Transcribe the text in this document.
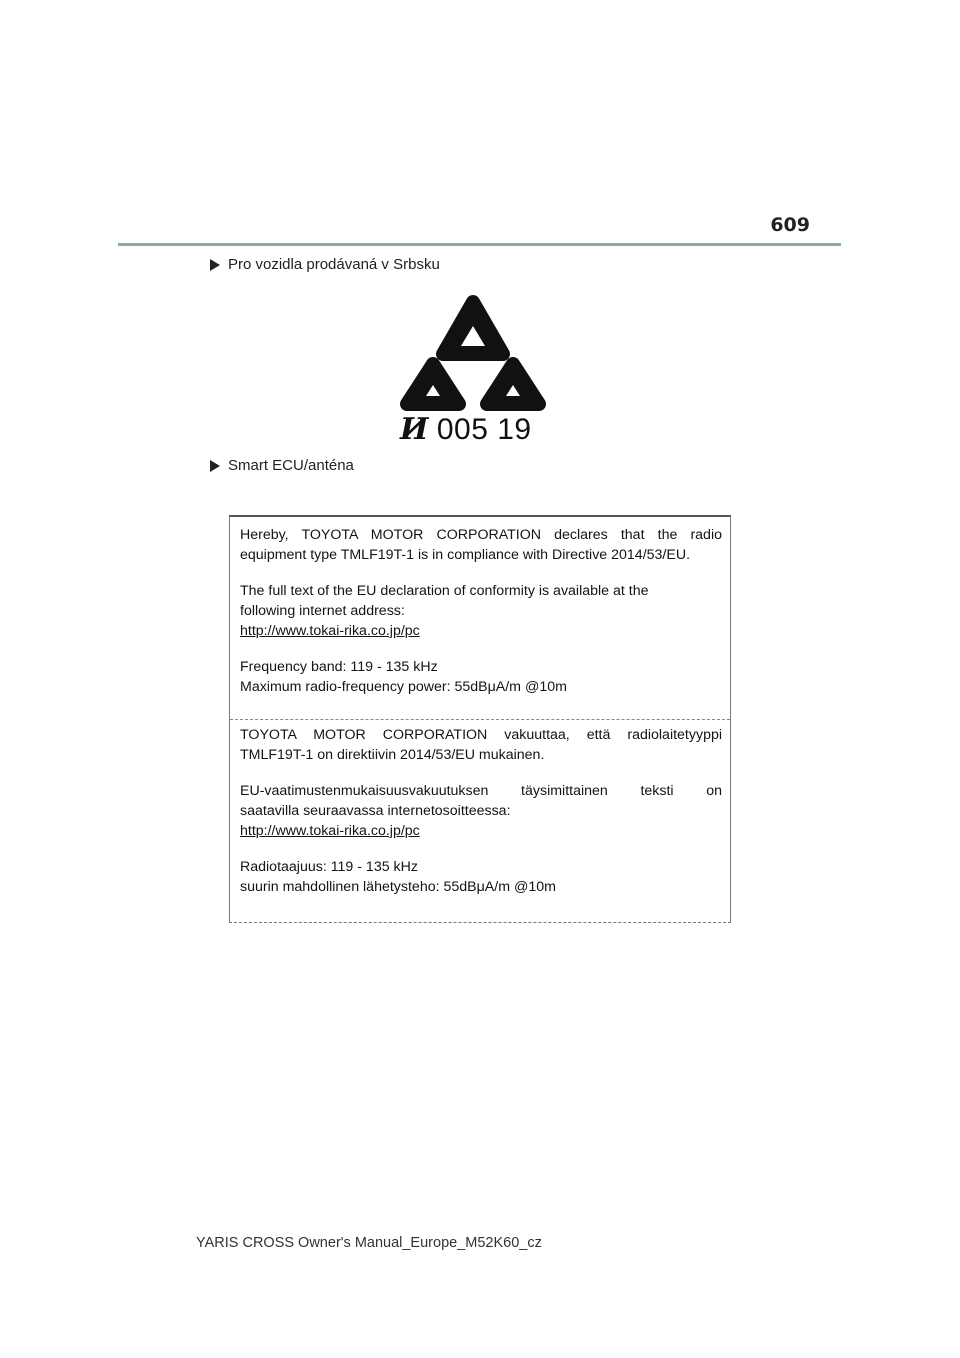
609
Pro vozidla prodávaná v Srbsku
И 005 19
Smart ECU/anténa

Hereby, TOYOTA MOTOR CORPORATION declares that the radio

equipment type TMLF19T-1 is in compliance with Directive 2014/53/EU.

The full text of the EU declaration of conformity is available at the

following internet address:

http://www.tokai-rika.co.jp/pc

Frequency band: 119 - 135 kHz

Maximum radio-frequency power: 55dBμA/m @10m

TOYOTA MOTOR CORPORATION vakuuttaa, että radiolaitetyyppi

TMLF19T-1 on direktiivin 2014/53/EU mukainen.

EU-vaatimustenmukaisuusvakuutuksen täysimittainen teksti on

saatavilla seuraavassa internetosoitteessa:

http://www.tokai-rika.co.jp/pc

Radiotaajuus: 119 - 135 kHz

suurin mahdollinen lähetysteho: 55dBμA/m @10m

YARIS CROSS Owner's Manual_Europe_M52K60_cz
